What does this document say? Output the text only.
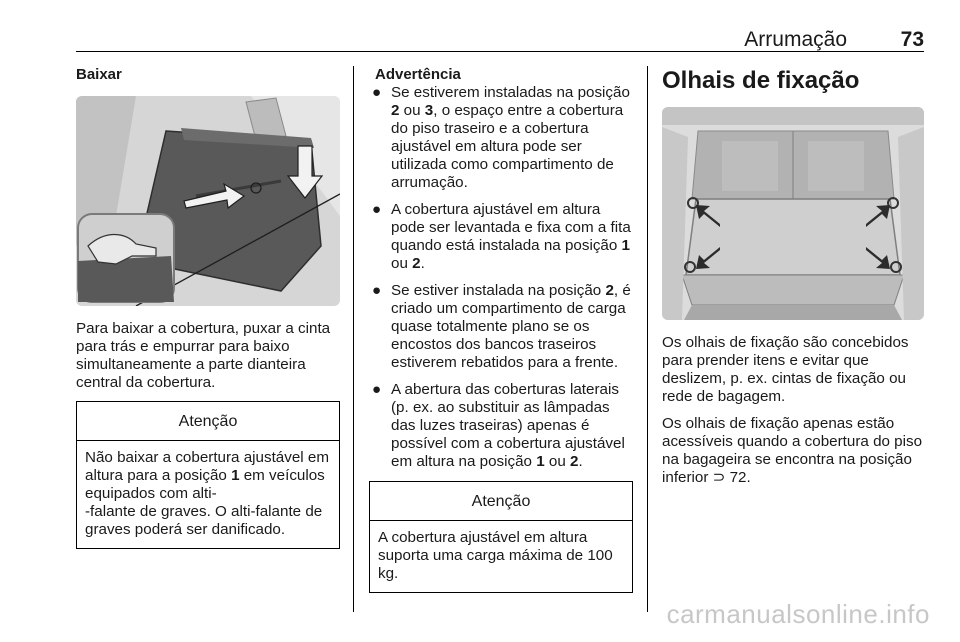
Arrumação	73
Baixar

Para baixar a cobertura, puxar a cinta para trás e empurrar para baixo simultaneamente a parte dianteira central da cobertura.

Atenção
Não baixar a cobertura ajustável em altura para a posição 1 em veículos equipados com alti-
-falante de graves. O alti-falante de graves poderá ser danificado.
Advertência
● Se estiverem instaladas na posição 2 ou 3, o espaço entre a cobertura do piso traseiro e a cobertura ajustável em altura pode ser utilizada como compartimento de arrumação.
● A cobertura ajustável em altura pode ser levantada e fixa com a fita quando está instalada na posição 1 ou 2.
● Se estiver instalada na posição 2, é criado um compartimento de carga quase totalmente plano se os encostos dos bancos traseiros estiverem rebatidos para a frente.
● A abertura das coberturas laterais (p. ex. ao substituir as lâmpadas das luzes traseiras) apenas é possível com a cobertura ajustável em altura na posição 1 ou 2.
Atenção
A cobertura ajustável em altura suporta uma carga máxima de 100 kg.
Olhais de fixação

Os olhais de fixação são concebidos para prender itens e evitar que deslizem, p. ex. cintas de fixação ou rede de bagagem.

Os olhais de fixação apenas estão acessíveis quando a cobertura do piso na bagageira se encontra na posição inferior ⊃ 72.

carmanualsonline.info
